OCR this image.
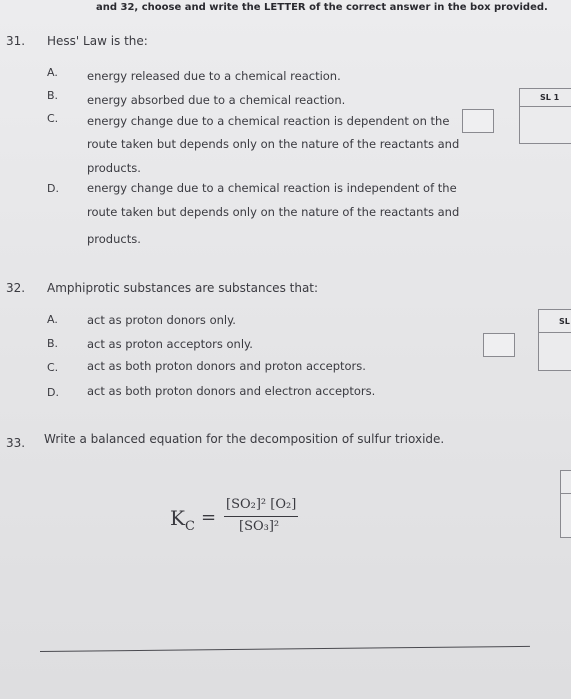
and 32, choose and write the LETTER of the correct answer in the box provided.
31. Hess' Law is the:
A.	energy released due to a chemical reaction.
B.	energy absorbed due to a chemical reaction.
C.	energy change due to a chemical reaction is dependent on the
route taken but depends only on the nature of the reactants and
products.
D. energy change due to a chemical reaction is independent of the
route taken but depends only on the nature of the reactants and
products.
SL 1
32. Amphiprotic substances are substances that:
A.	act as proton donors only.
B.	act as proton acceptors only.
C.	act as both proton donors and proton acceptors.
D. act as both proton donors and electron acceptors.
SL
33. Write a balanced equation for the decomposition of sulfur trioxide.
$K_C$ =
[SO₂]² [O₂]
[SO₃]²
